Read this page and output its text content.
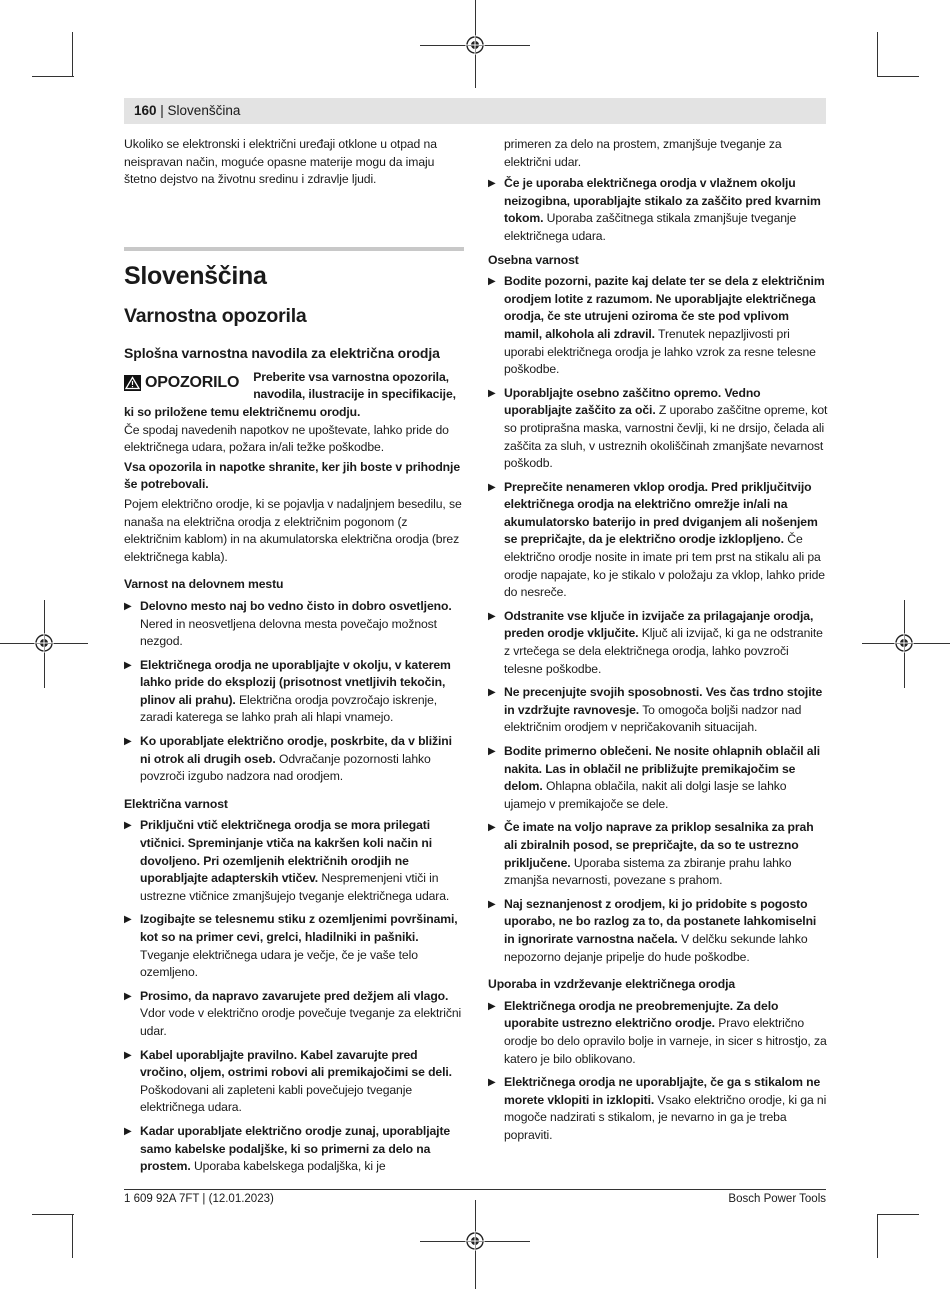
160 | Slovenščina

Ukoliko se elektronski i električni uređaji otklone u otpad na neispravan način, moguće opasne materije mogu da imaju štetno dejstvo na životnu sredinu i zdravlje ljudi.

Slovenščina
Varnostna opozorila
Splošna varnostna navodila za električna orodja
OPOZORILO	Preberite vsa varnostna opozorila, navodila, ilustracije in specifikacije, ki so priložene temu električnemu orodju.

Če spodaj navedenih napotkov ne upoštevate, lahko pride do električnega udara, požara in/ali težke poškodbe.

Vsa opozorila in napotke shranite, ker jih boste v prihodnje še potrebovali.

Pojem električno orodje, ki se pojavlja v nadaljnjem besedilu, se nanaša na električna orodja z električnim pogonom (z električnim kablom) in na akumulatorska električna orodja (brez električnega kabla).

Varnost na delovnem mestu
▶ Delovno mesto naj bo vedno čisto in dobro osvetljeno. Nered in neosvetljena delovna mesta povečajo možnost nezgod.
▶ Električnega orodja ne uporabljajte v okolju, v katerem lahko pride do eksplozij (prisotnost vnetljivih tekočin, plinov ali prahu). Električna orodja povzročajo iskrenje, zaradi katerega se lahko prah ali hlapi vnamejo.
▶ Ko uporabljate električno orodje, poskrbite, da v bližini ni otrok ali drugih oseb. Odvračanje pozornosti lahko povzroči izgubo nadzora nad orodjem.
Električna varnost
▶ Priključni vtič električnega orodja se mora prilegati vtičnici. Spreminjanje vtiča na kakršen koli način ni dovoljeno. Pri ozemljenih električnih orodjih ne uporabljajte adapterskih vtičev. Nespremenjeni vtiči in ustrezne vtičnice zmanjšujejo tveganje električnega udara.
▶ Izogibajte se telesnemu stiku z ozemljenimi površinami, kot so na primer cevi, grelci, hladilniki in pašniki. Tveganje električnega udara je večje, če je vaše telo ozemljeno.
▶ Prosimo, da napravo zavarujete pred dežjem ali vlago. Vdor vode v električno orodje povečuje tveganje za električni udar.
▶ Kabel uporabljajte pravilno. Kabel zavarujte pred vročino, oljem, ostrimi robovi ali premikajočimi se deli. Poškodovani ali zapleteni kabli povečujejo tveganje električnega udara.
▶ Kadar uporabljate električno orodje zunaj, uporabljajte samo kabelske podaljške, ki so primerni za delo na prostem. Uporaba kabelskega podaljška, ki je

primeren za delo na prostem, zmanjšuje tveganje za električni udar.

▶ Če je uporaba električnega orodja v vlažnem okolju neizogibna, uporabljajte stikalo za zaščito pred kvarnim tokom. Uporaba zaščitnega stikala zmanjšuje tveganje električnega udara.
Osebna varnost
▶ Bodite pozorni, pazite kaj delate ter se dela z električnim orodjem lotite z razumom. Ne uporabljajte električnega orodja, če ste utrujeni oziroma če ste pod vplivom mamil, alkohola ali zdravil. Trenutek nepazljivosti pri uporabi električnega orodja je lahko vzrok za resne telesne poškodbe.
▶ Uporabljajte osebno zaščitno opremo. Vedno uporabljajte zaščito za oči. Z uporabo zaščitne opreme, kot so protiprašna maska, varnostni čevlji, ki ne drsijo, čelada ali zaščita za sluh, v ustreznih okoliščinah zmanjšate nevarnost poškodb.
▶ Preprečite nenameren vklop orodja. Pred priključitvijo električnega orodja na električno omrežje in/ali na akumulatorsko baterijo in pred dviganjem ali nošenjem se prepričajte, da je električno orodje izklopljeno. Če električno orodje nosite in imate pri tem prst na stikalu ali pa orodje napajate, ko je stikalo v položaju za vklop, lahko pride do nesreče.
▶ Odstranite vse ključe in izvijače za prilagajanje orodja, preden orodje vključite. Ključ ali izvijač, ki ga ne odstranite z vrtečega se dela električnega orodja, lahko povzroči telesne poškodbe.
▶ Ne precenjujte svojih sposobnosti. Ves čas trdno stojite in vzdržujte ravnovesje. To omogoča boljši nadzor nad električnim orodjem v nepričakovanih situacijah.
▶ Bodite primerno oblečeni. Ne nosite ohlapnih oblačil ali nakita. Las in oblačil ne približujte premikajočim se delom. Ohlapna oblačila, nakit ali dolgi lasje se lahko ujamejo v premikajoče se dele.
▶ Če imate na voljo naprave za priklop sesalnika za prah ali zbiralnih posod, se prepričajte, da so te ustrezno priključene. Uporaba sistema za zbiranje prahu lahko zmanjša nevarnosti, povezane s prahom.
▶ Naj seznanjenost z orodjem, ki jo pridobite s pogosto uporabo, ne bo razlog za to, da postanete lahkomiselni in ignorirate varnostna načela. V delčku sekunde lahko nepozorno dejanje pripelje do hude poškodbe.
Uporaba in vzdrževanje električnega orodja
▶ Električnega orodja ne preobremenjujte. Za delo uporabite ustrezno električno orodje. Pravo električno orodje bo delo opravilo bolje in varneje, in sicer s hitrostjo, za katero je bilo oblikovano.
▶ Električnega orodja ne uporabljajte, če ga s stikalom ne morete vklopiti in izklopiti. Vsako električno orodje, ki ga ni mogoče nadzirati s stikalom, je nevarno in ga je treba popraviti.
1 609 92A 7FT | (12.01.2023)	Bosch Power Tools
